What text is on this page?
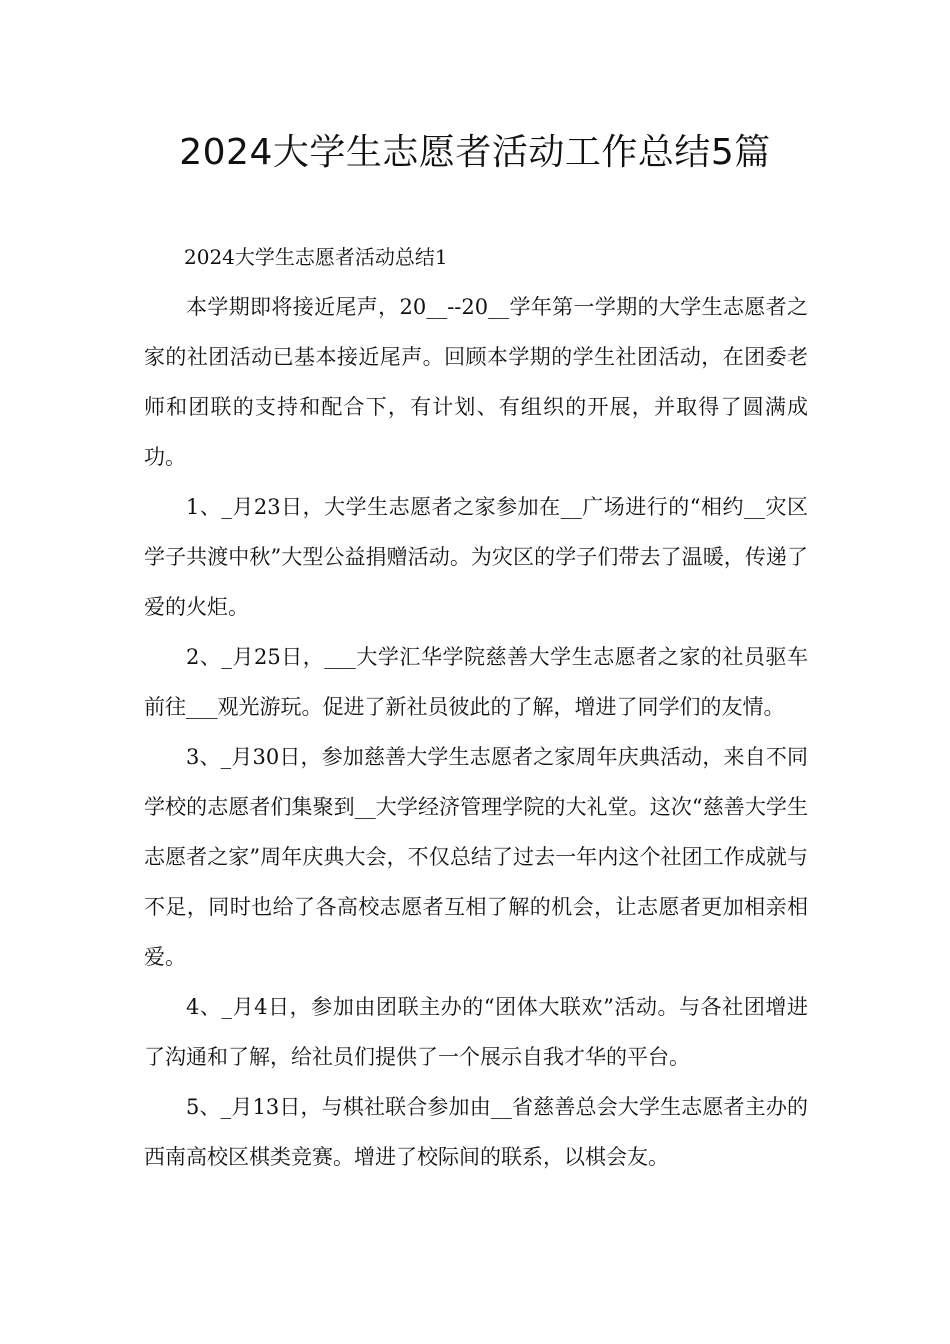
2024大学生志愿者活动工作总结5篇

2024大学生志愿者活动总结1

本学期即将接近尾声，20__--20__学年第一学期的大学生志愿者之家的社团活动已基本接近尾声。回顾本学期的学生社团活动，在团委老师和团联的支持和配合下，有计划、有组织的开展，并取得了圆满成功。

1、_月23日，大学生志愿者之家参加在__广场进行的“相约__灾区学子共渡中秋”大型公益捐赠活动。为灾区的学子们带去了温暖，传递了爱的火炬。

2、_月25日，___大学汇华学院慈善大学生志愿者之家的社员驱车前往___观光游玩。促进了新社员彼此的了解，增进了同学们的友情。

3、_月30日，参加慈善大学生志愿者之家周年庆典活动，来自不同学校的志愿者们集聚到__大学经济管理学院的大礼堂。这次“慈善大学生志愿者之家”周年庆典大会，不仅总结了过去一年内这个社团工作成就与不足，同时也给了各高校志愿者互相了解的机会，让志愿者更加相亲相爱。

4、_月4日，参加由团联主办的“团体大联欢”活动。与各社团增进了沟通和了解，给社员们提供了一个展示自我才华的平台。

5、_月13日，与棋社联合参加由__省慈善总会大学生志愿者主办的西南高校区棋类竞赛。增进了校际间的联系，以棋会友。
